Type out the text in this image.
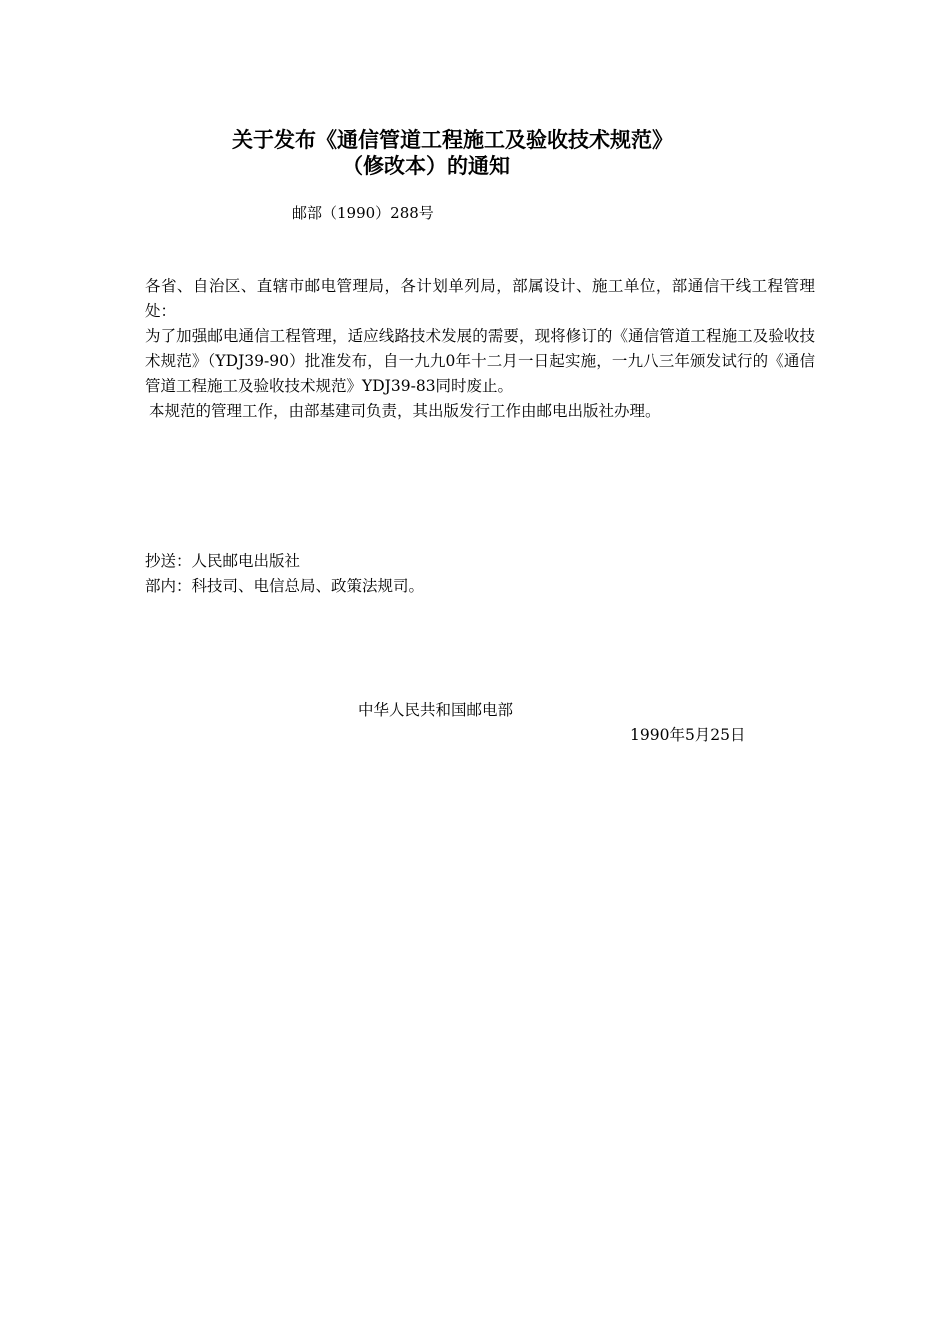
关于发布《通信管道工程施工及验收技术规范》
（修改本）的通知
邮部（1990）288号
各省、自治区、直辖市邮电管理局，各计划单列局，部属设计、施工单位，部通信干线工程管理处：
为了加强邮电通信工程管理，适应线路技术发展的需要，现将修订的《通信管道工程施工及验收技术规范》（YDJ39-90）批准发布，自一九九0年十二月一日起实施，一九八三年颁发试行的《通信管道工程施工及验收技术规范》YDJ39-83同时废止。
本规范的管理工作，由部基建司负责，其出版发行工作由邮电出版社办理。
抄送：人民邮电出版社
部内：科技司、电信总局、政策法规司。
中华人民共和国邮电部
1990年5月25日
